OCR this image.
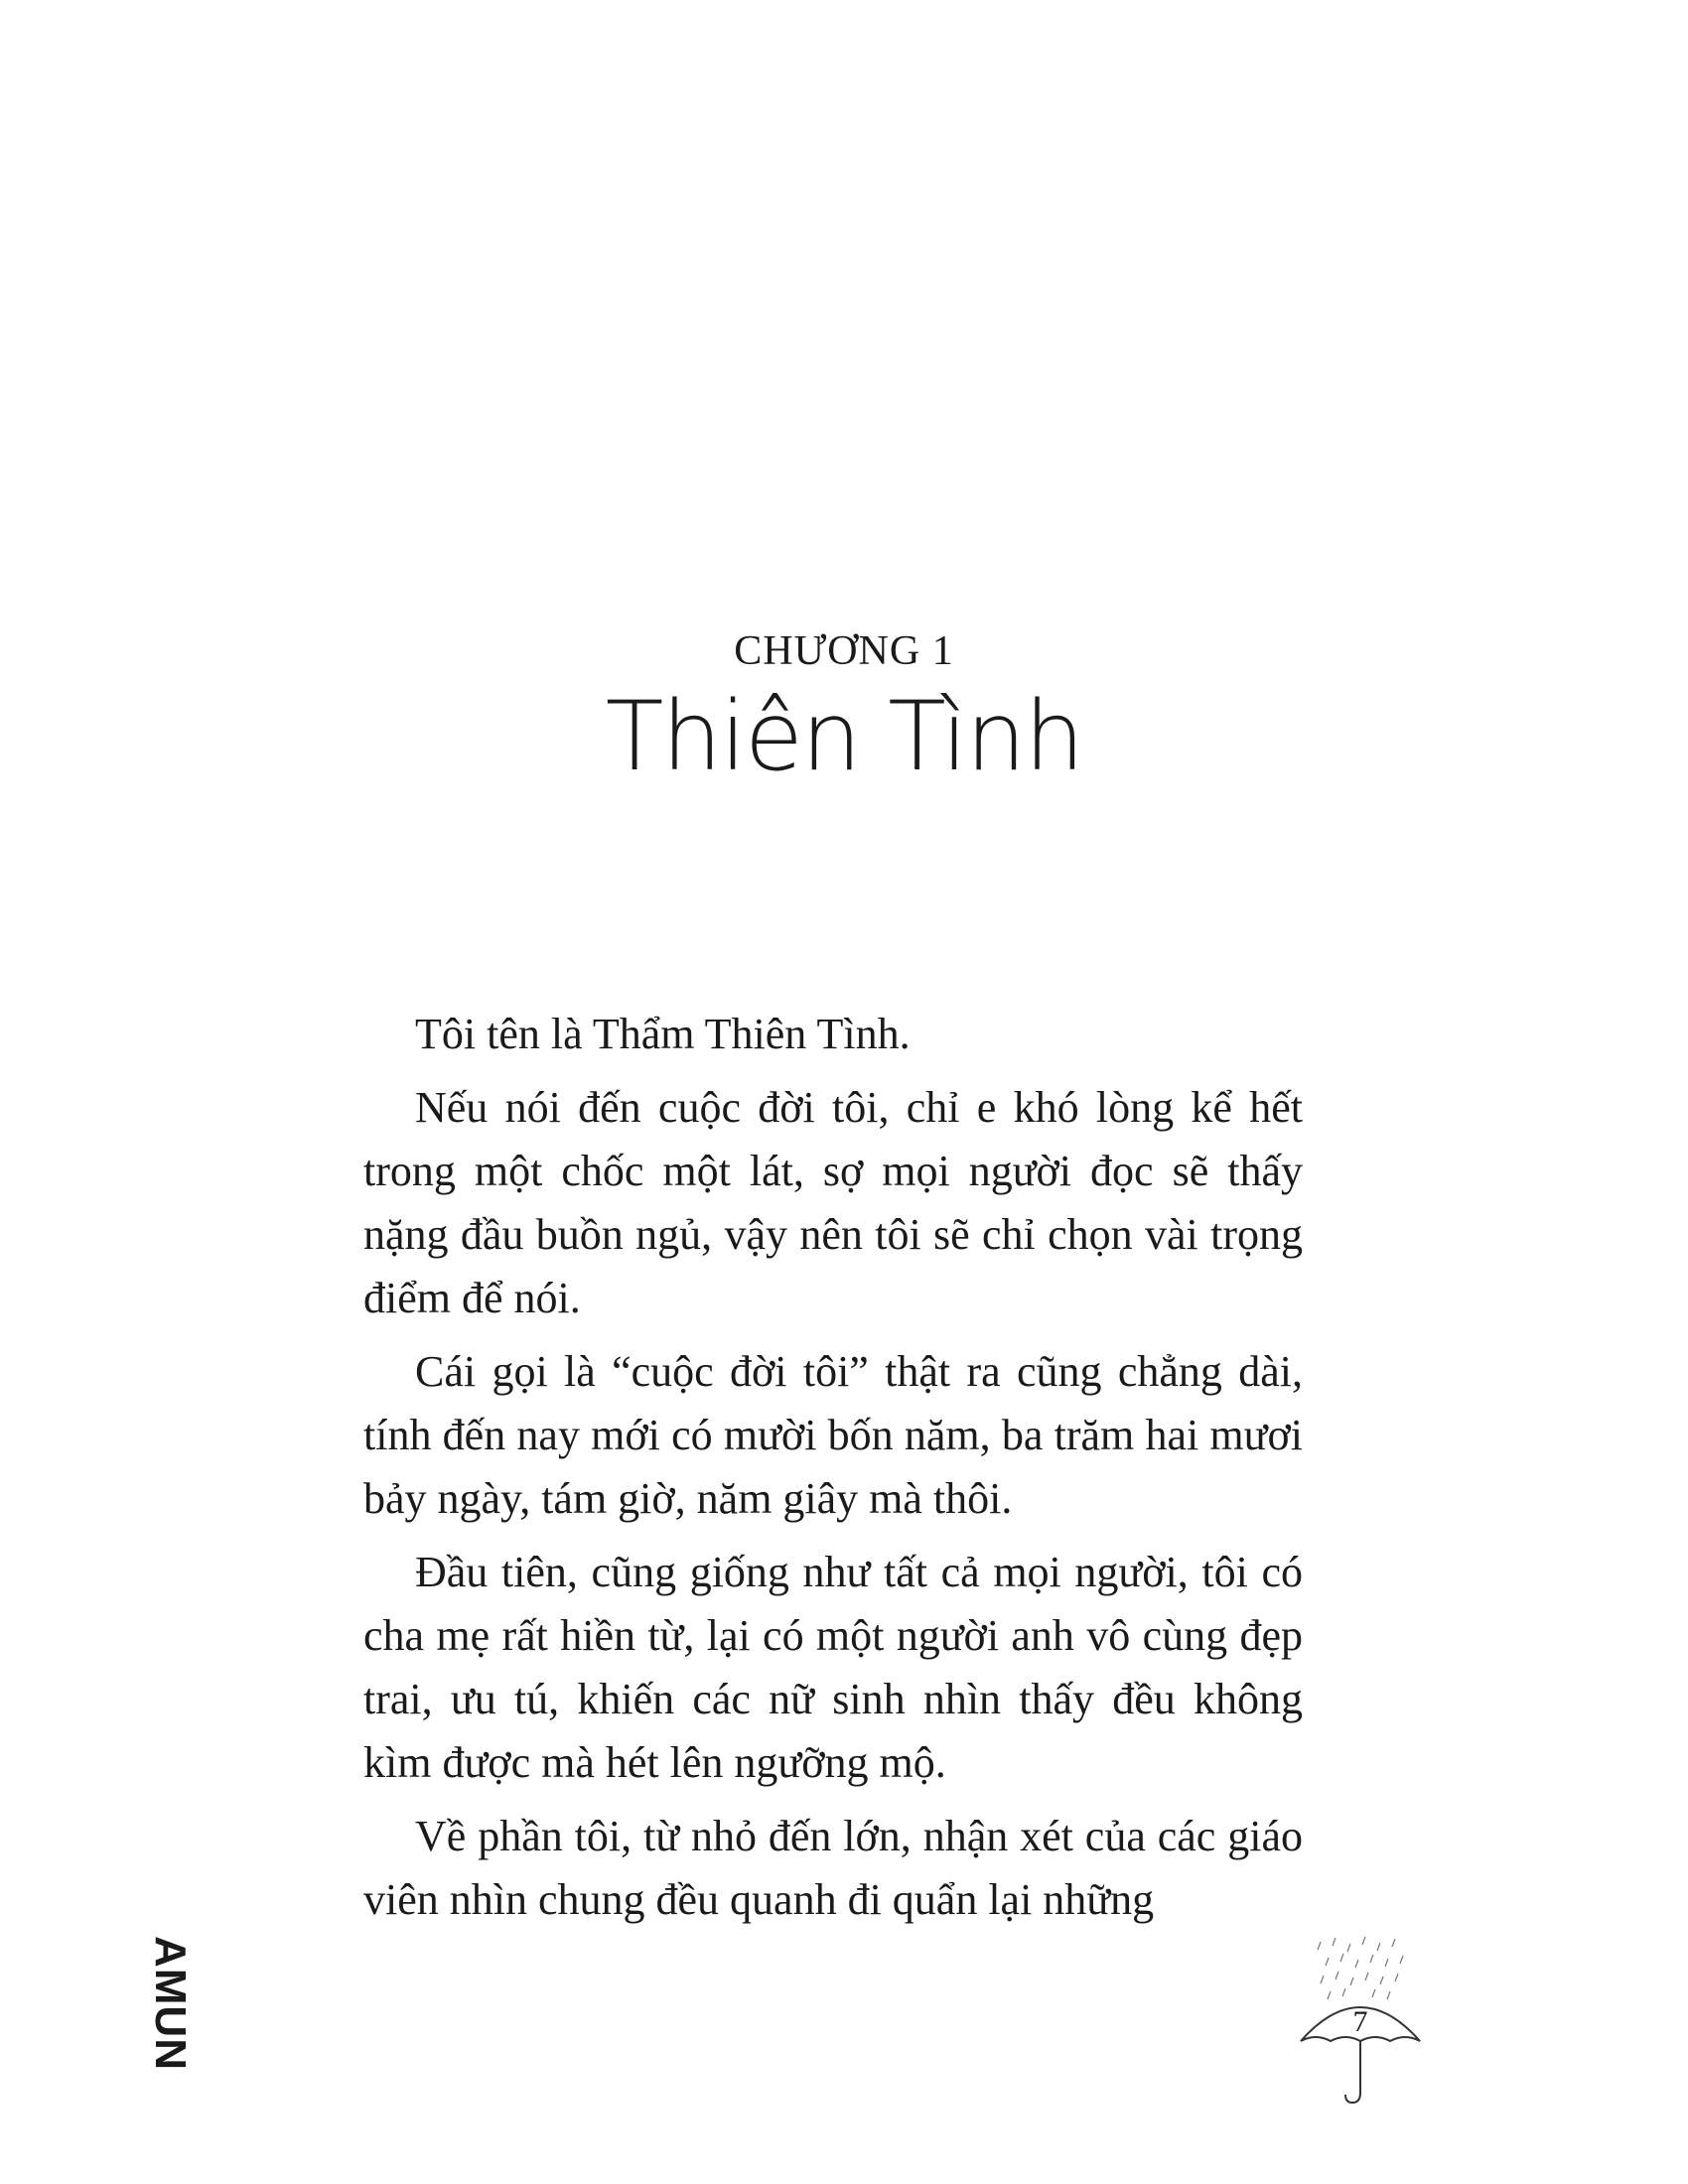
CHƯƠNG 1
Thiên Tình

Tôi tên là Thẩm Thiên Tình.

Nếu nói đến cuộc đời tôi, chỉ e khó lòng kể hết trong một chốc một lát, sợ mọi người đọc sẽ thấy nặng đầu buồn ngủ, vậy nên tôi sẽ chỉ chọn vài trọng điểm để nói.

Cái gọi là “cuộc đời tôi” thật ra cũng chẳng dài, tính đến nay mới có mười bốn năm, ba trăm hai mươi bảy ngày, tám giờ, năm giây mà thôi.

Đầu tiên, cũng giống như tất cả mọi người, tôi có cha mẹ rất hiền từ, lại có một người anh vô cùng đẹp trai, ưu tú, khiến các nữ sinh nhìn thấy đều không kìm được mà hét lên ngưỡng mộ.

Về phần tôi, từ nhỏ đến lớn, nhận xét của các giáo viên nhìn chung đều quanh đi quẩn lại những

AMUN	7
